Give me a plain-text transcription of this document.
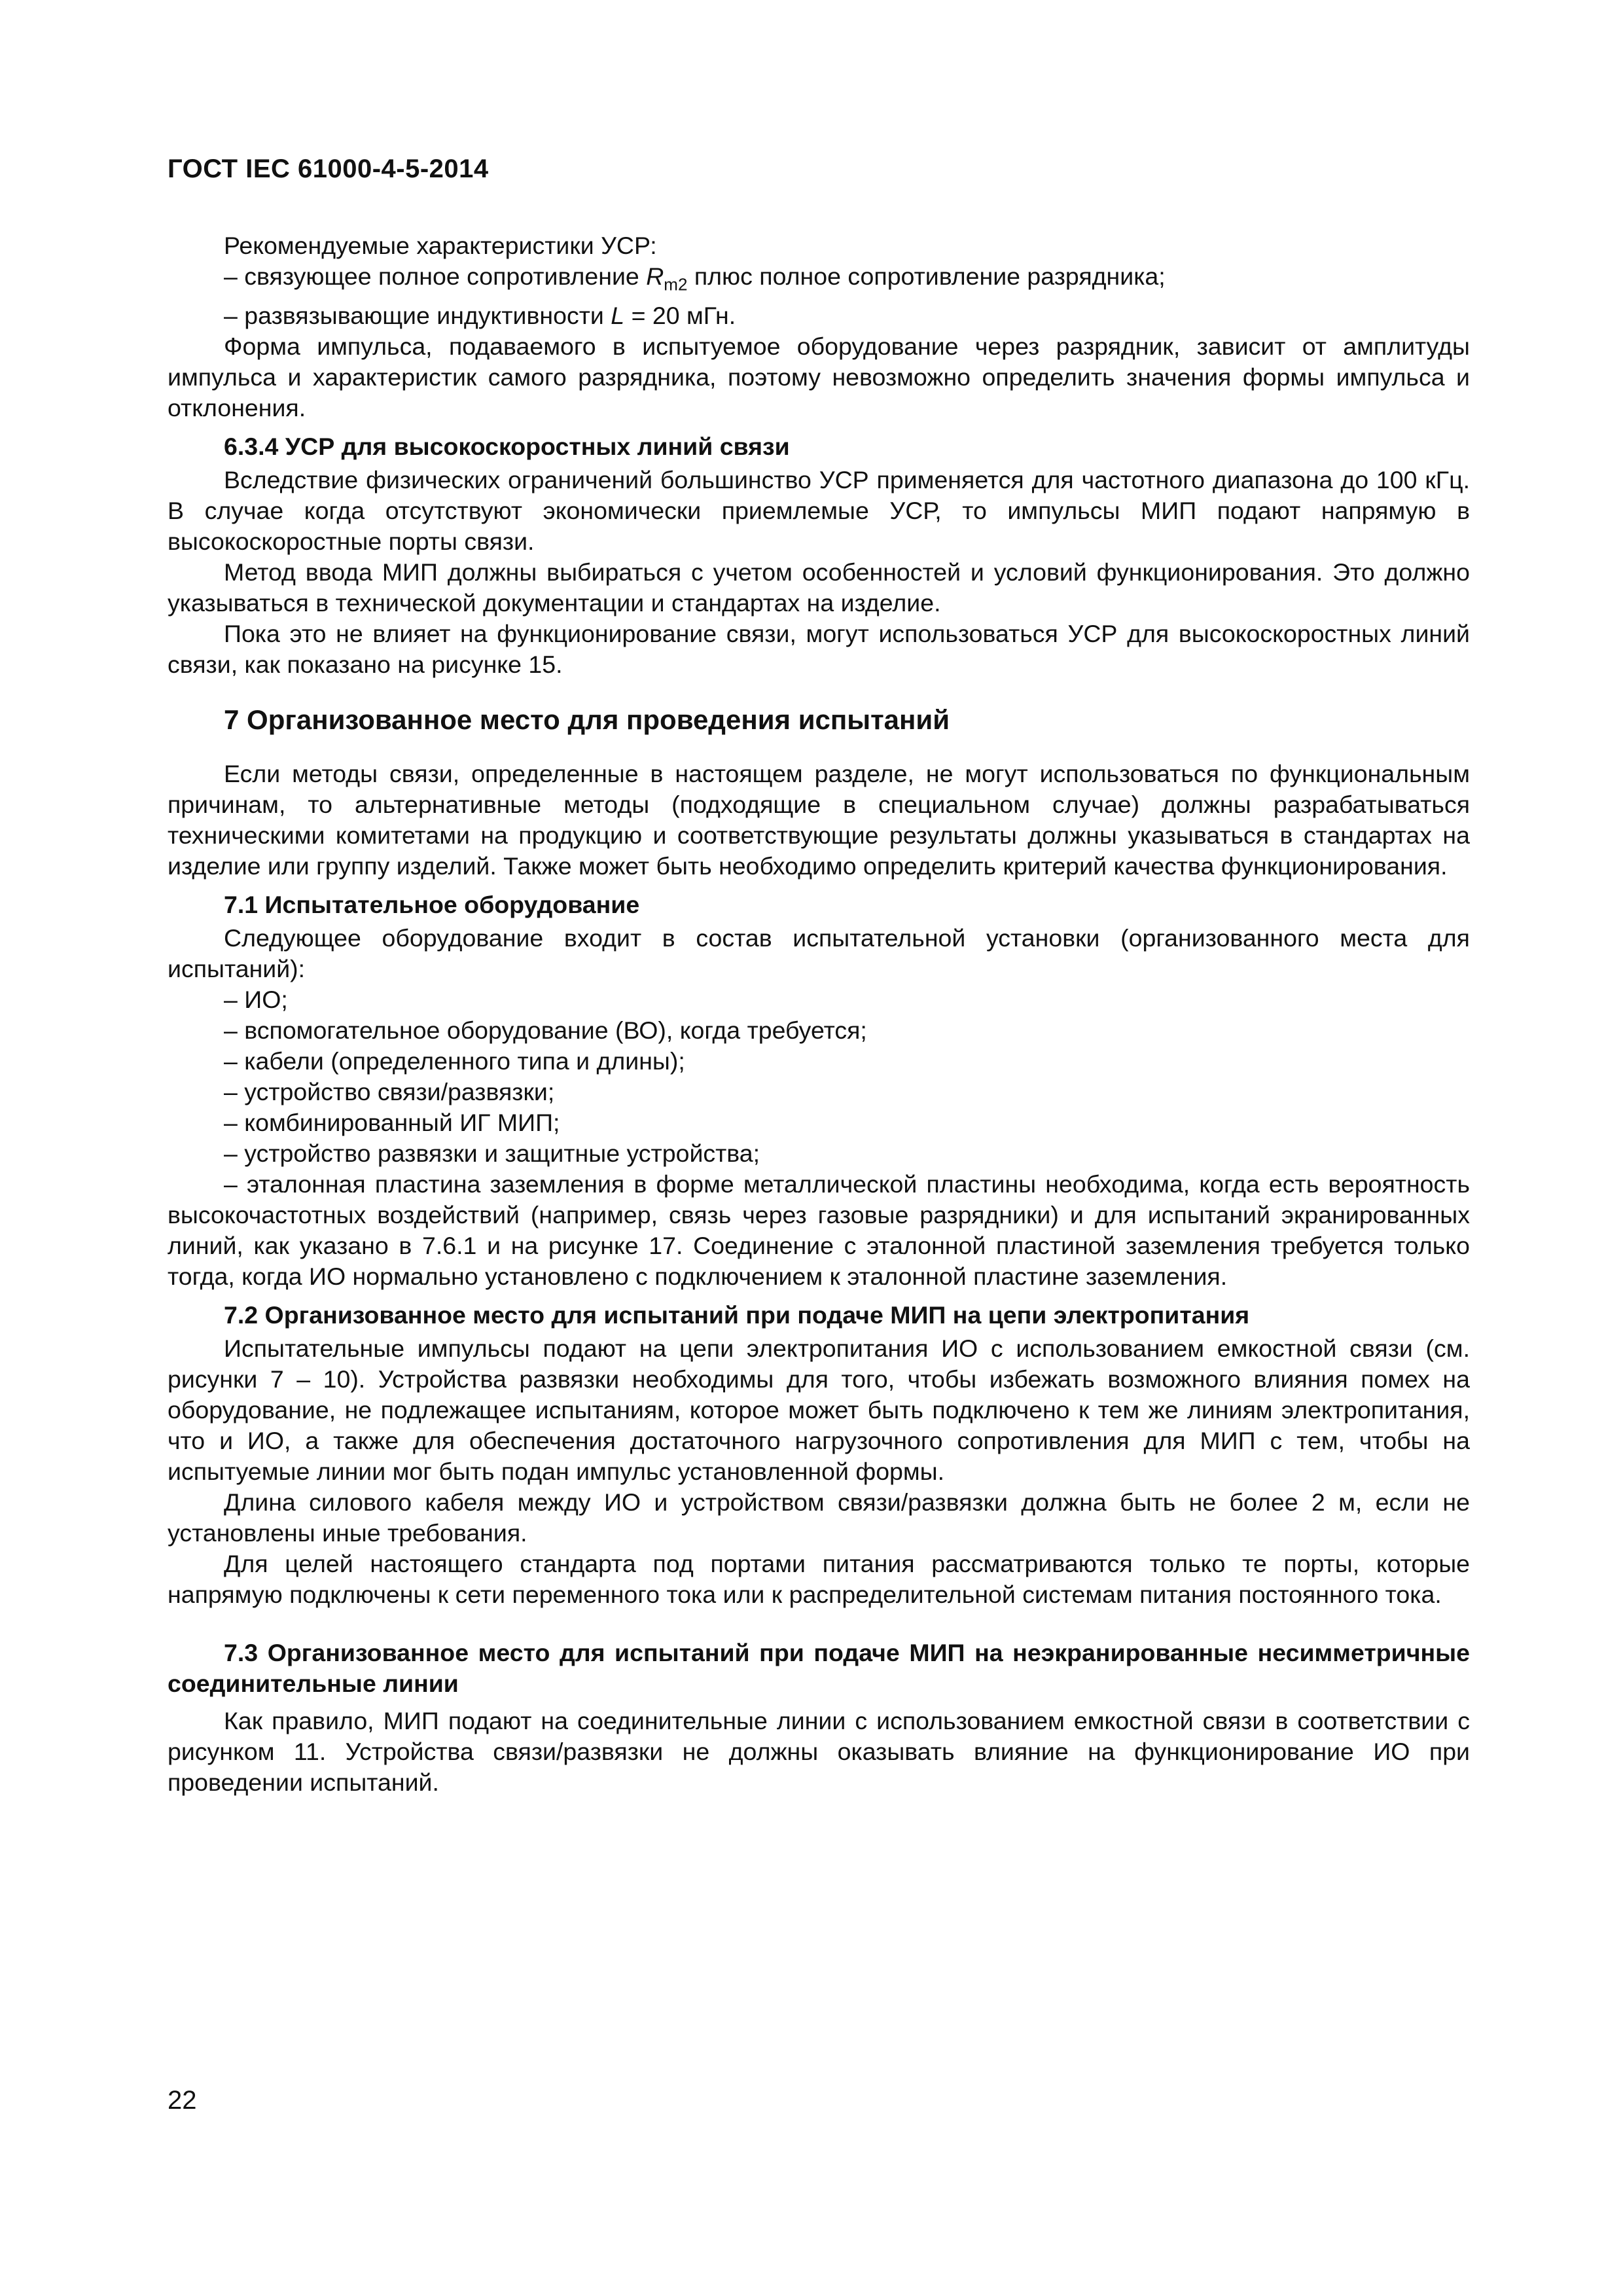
ГОСТ IEC 61000-4-5-2014

Рекомендуемые характеристики УСР:

– связующее полное сопротивление $R_{m2}$ плюс полное сопротивление разрядника;

– развязывающие индуктивности L = 20 мГн.

Форма импульса, подаваемого в испытуемое оборудование через разрядник, зависит от амплитуды импульса и характеристик самого разрядника, поэтому невозможно определить значения формы импульса и отклонения.

6.3.4 УСР для высокоскоростных линий связи

Вследствие физических ограничений большинство УСР применяется для частотного диапазона до 100 кГц. В случае когда отсутствуют экономически приемлемые УСР, то импульсы МИП подают напрямую в высокоскоростные порты связи.

Метод ввода МИП должны выбираться с учетом особенностей и условий функционирования. Это должно указываться в технической документации и стандартах на изделие.

Пока это не влияет на функционирование связи, могут использоваться УСР для высокоскоростных линий связи, как показано на рисунке 15.

7 Организованное место для проведения испытаний

Если методы связи, определенные в настоящем разделе, не могут использоваться по функциональным причинам, то альтернативные методы (подходящие в специальном случае) должны разрабатываться техническими комитетами на продукцию и соответствующие результаты должны указываться в стандартах на изделие или группу изделий. Также может быть необходимо определить критерий качества функционирования.

7.1 Испытательное оборудование

Следующее оборудование входит в состав испытательной установки (организованного места для испытаний):

– ИО;

– вспомогательное оборудование (ВО), когда требуется;

– кабели (определенного типа и длины);

– устройство связи/развязки;

– комбинированный ИГ МИП;

– устройство развязки и защитные устройства;

– эталонная пластина заземления в форме металлической пластины необходима, когда есть вероятность высокочастотных воздействий (например, связь через газовые разрядники) и для испытаний экранированных линий, как указано в 7.6.1 и на рисунке 17. Соединение с эталонной пластиной заземления требуется только тогда, когда ИО нормально установлено с подключением к эталонной пластине заземления.

7.2 Организованное место для испытаний при подаче МИП на цепи электропитания

Испытательные импульсы подают на цепи электропитания ИО с использованием емкостной связи (см. рисунки 7 – 10). Устройства развязки необходимы для того, чтобы избежать возможного влияния помех на оборудование, не подлежащее испытаниям, которое может быть подключено к тем же линиям электропитания, что и ИО, а также для обеспечения достаточного нагрузочного сопротивления для МИП с тем, чтобы на испытуемые линии мог быть подан импульс установленной формы.

Длина силового кабеля между ИО и устройством связи/развязки должна быть не более 2 м, если не установлены иные требования.

Для целей настоящего стандарта под портами питания рассматриваются только те порты, которые напрямую подключены к сети переменного тока или к распределительной системам питания постоянного тока.

7.3 Организованное место для испытаний при подаче МИП на неэкранированные несимметричные соединительные линии

Как правило, МИП подают на соединительные линии с использованием емкостной связи в соответствии с рисунком 11. Устройства связи/развязки не должны оказывать влияние на функционирование ИО при проведении испытаний.

22
